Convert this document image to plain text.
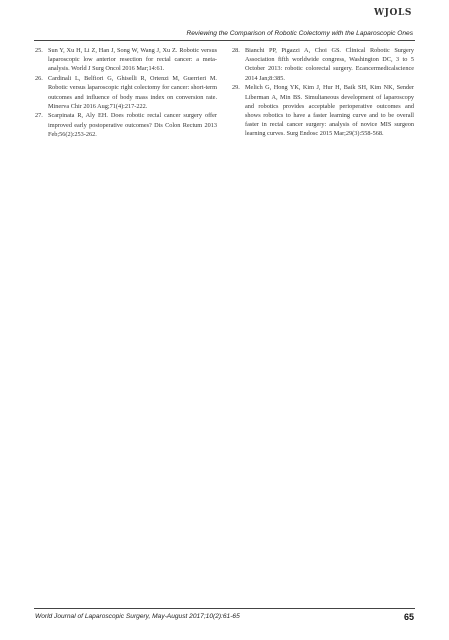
WJOLS
Reviewing the Comparison of Robotic Colectomy with the Laparoscopic Ones
25. Sun Y, Xu H, Li Z, Han J, Song W, Wang J, Xu Z. Robotic versus laparoscopic low anterior resection for rectal cancer: a meta-analysis. World J Surg Oncol 2016 Mar;14:61.
26. Cardinali L, Belfiori G, Ghiselli R, Ortenzi M, Guerrieri M. Robotic versus laparoscopic right colectomy for cancer: short-term outcomes and influence of body mass index on conversion rate. Minerva Chir 2016 Aug;71(4):217-222.
27. Scarpinata R, Aly EH. Does robotic rectal cancer surgery offer improved early postoperative outcomes? Dis Colon Rectum 2013 Feb;56(2):253-262.
28. Bianchi PP, Pigazzi A, Choi GS. Clinical Robotic Surgery Association fifth worldwide congress, Washington DC, 3 to 5 October 2013: robotic colorectal surgery. Ecancermedicalscience 2014 Jan;8:385.
29. Melich G, Hong YK, Kim J, Hur H, Baik SH, Kim NK, Sender Liberman A, Min BS. Simultaneous development of laparoscopy and robotics provides acceptable perioperative outcomes and shows robotics to have a faster learning curve and to be overall faster in rectal cancer surgery: analysis of novice MIS surgeon learning curves. Surg Endosc 2015 Mar;29(3):558-568.
World Journal of Laparoscopic Surgery, May-August 2017;10(2):61-65	65
